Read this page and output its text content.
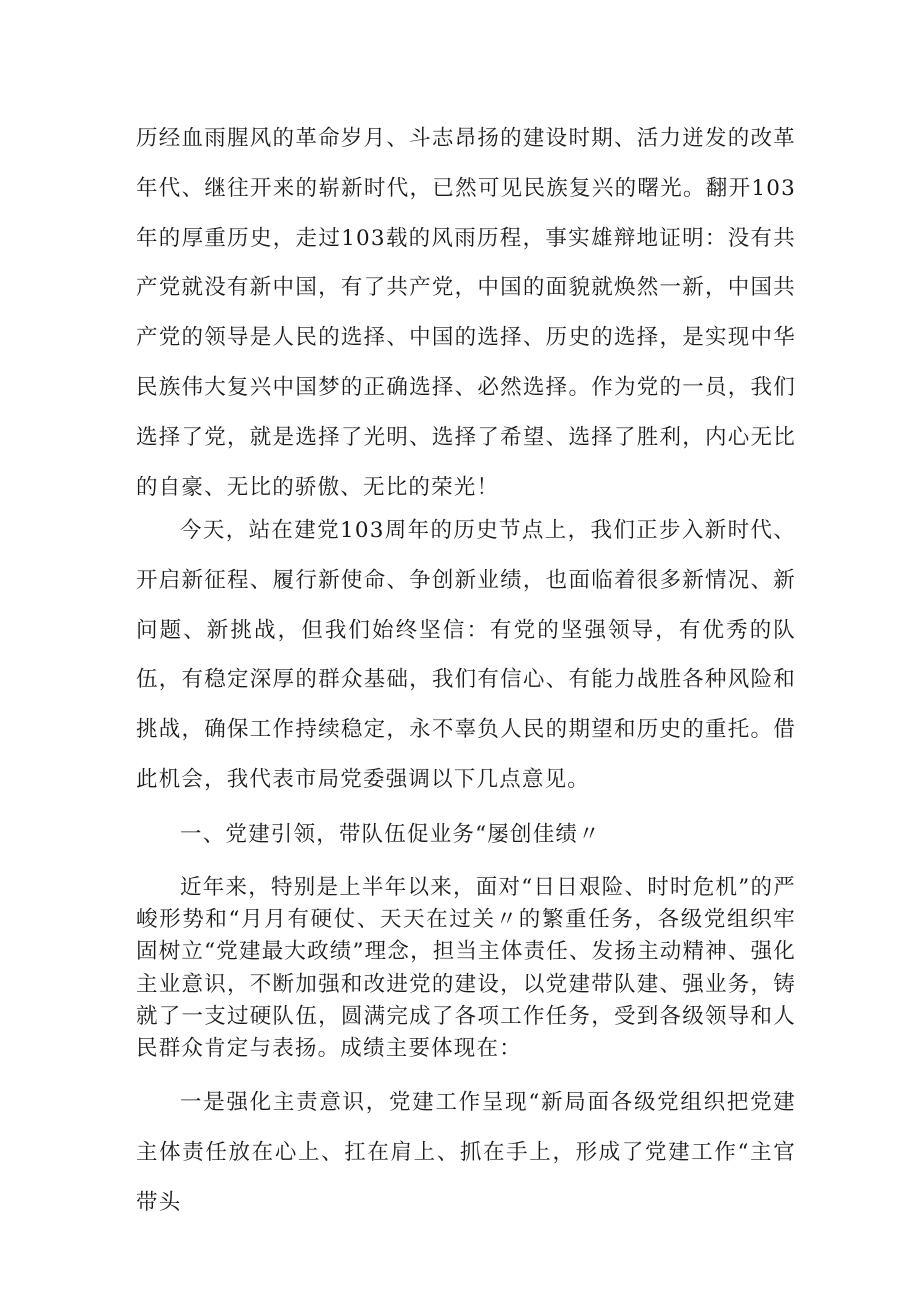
历经血雨腥风的革命岁月、斗志昂扬的建设时期、活力迸发的改革年代、继往开来的崭新时代，已然可见民族复兴的曙光。翻开103年的厚重历史，走过103载的风雨历程，事实雄辩地证明：没有共产党就没有新中国，有了共产党，中国的面貌就焕然一新，中国共产党的领导是人民的选择、中国的选择、历史的选择，是实现中华民族伟大复兴中国梦的正确选择、必然选择。作为党的一员，我们选择了党，就是选择了光明、选择了希望、选择了胜利，内心无比的自豪、无比的骄傲、无比的荣光！

今天，站在建党103周年的历史节点上，我们正步入新时代、开启新征程、履行新使命、争创新业绩，也面临着很多新情况、新问题、新挑战，但我们始终坚信：有党的坚强领导，有优秀的队伍，有稳定深厚的群众基础，我们有信心、有能力战胜各种风险和挑战，确保工作持续稳定，永不辜负人民的期望和历史的重托。借此机会，我代表市局党委强调以下几点意见。

一、党建引领，带队伍促业务“屡创佳绩〃

近年来，特别是上半年以来，面对“日日艰险、时时危机”的严峻形势和“月月有硬仗、天天在过关〃的繁重任务，各级党组织牢固树立“党建最大政绩”理念，担当主体责任、发扬主动精神、强化主业意识，不断加强和改进党的建设，以党建带队建、强业务，铸就了一支过硬队伍，圆满完成了各项工作任务，受到各级领导和人民群众肯定与表扬。成绩主要体现在：

一是强化主责意识，党建工作呈现“新局面各级党组织把党建主体责任放在心上、扛在肩上、抓在手上，形成了党建工作“主官带头
